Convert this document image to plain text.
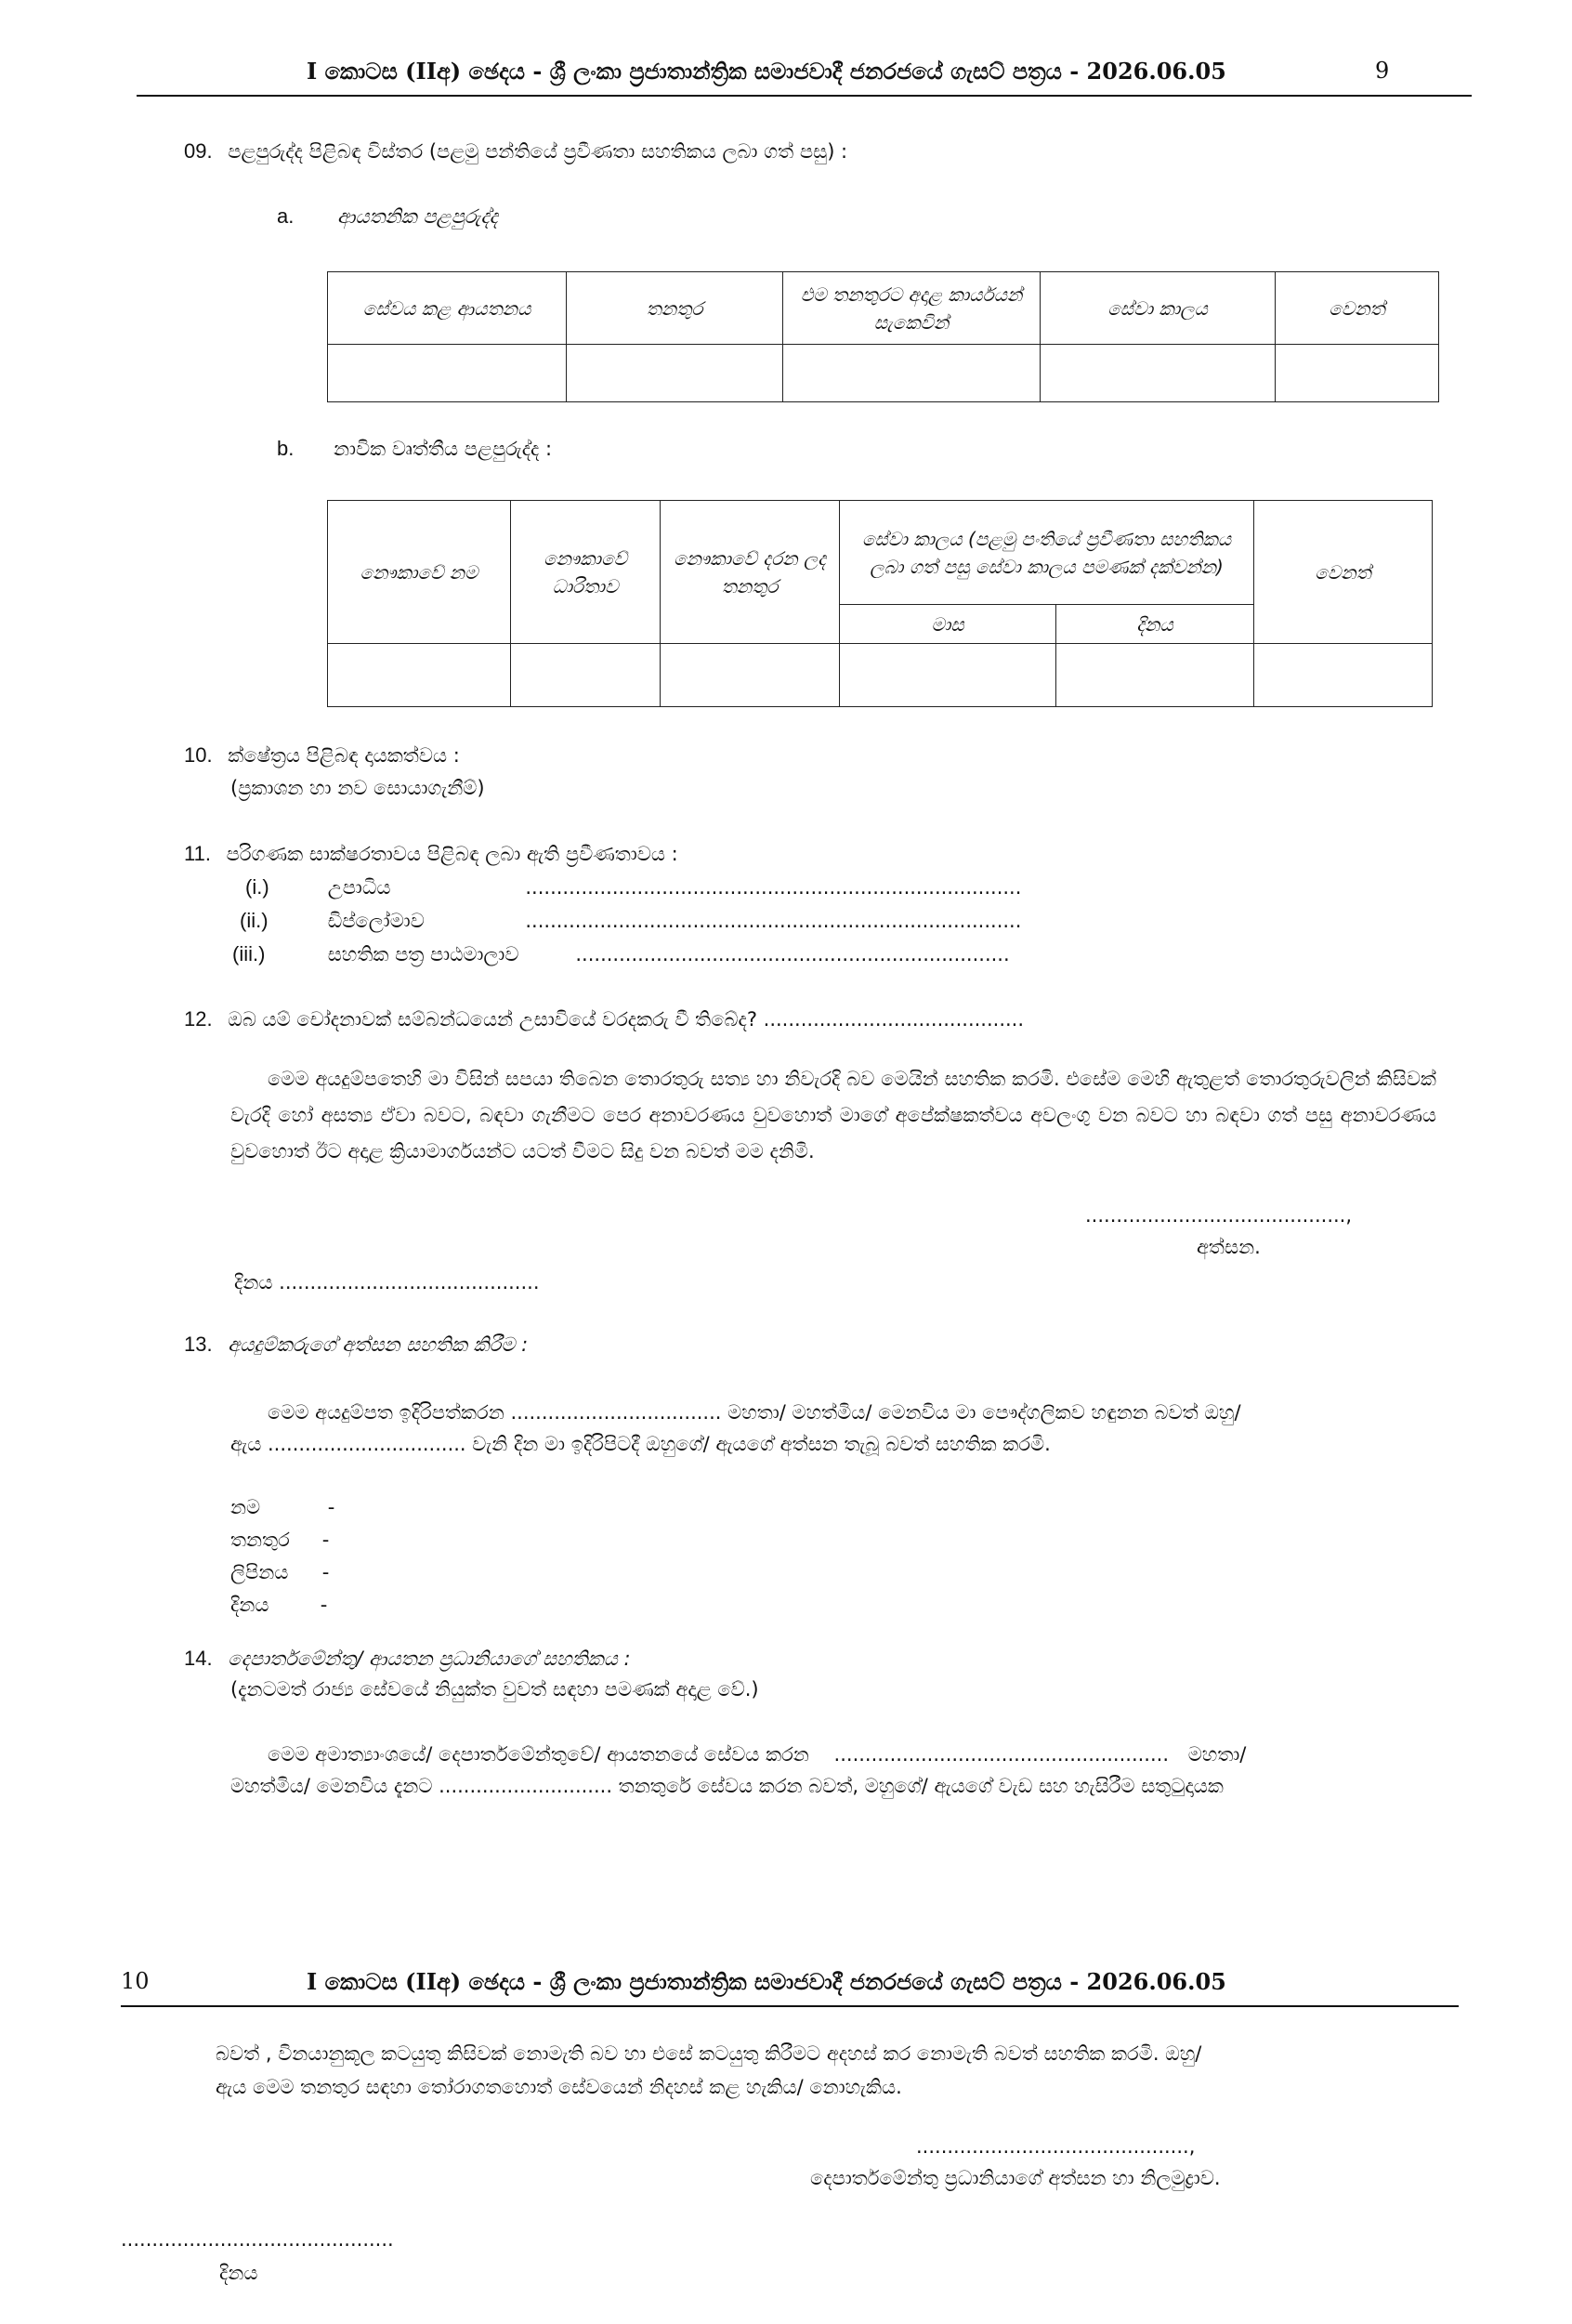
I කොටස (IIඅ) ඡෙදය - ශ්‍රී ලංකා ප්‍රජාතාන්ත්‍රික සමාජවාදී ජනරජයේ ගැසට් පත්‍රය - 2026.06.05	9
09. පළපුරුද්ද පිළිබඳ විස්තර (පළමු පන්තියේ ප්‍රවීණතා සහතිකය ලබා ගත් පසු) :
a. ආයතනික පළපුරුද්ද
සේවය කළ ආයතනය	තනතුර	එම තනතුරට අදාළ කාර්යයන් සැකෙවින්	සේවා කාලය	වෙනත්

b. නාවික වෘත්තීය පළපුරුද්ද :
නෞකාවේ නම	නෞකාවේ ධාරිතාව	නෞකාවේ දරන ලද තනතුර	සේවා කාලය (පළමු පංතියේ ප්‍රවීණතා සහතිකය ලබා ගත් පසු සේවා කාලය පමණක් දක්වන්න)		වෙනත්
			මාස	දිනය	

10. ක්ෂේත්‍රය පිළිබඳ දායකත්වය :
(ප්‍රකාශන හා නව සොයාගැනීම්)
11. පරිගණක සාක්ෂරතාවය පිළිබඳ ලබා ඇති ප්‍රවීණතාවය :
(i.)	උපාධිය	................................................................................
(ii.)	ඩිප්ලෝමාව	................................................................................
(iii.)	සහතික පත්‍ර පාඨමාලාව	......................................................................
12. ඔබ යම් චෝදනාවක් සම්බන්ධයෙන් උසාවියේ වරදකරු වී තිබේද? ..........................................
මෙම අයදුම්පතෙහි මා විසින් සපයා තිබෙන තොරතුරු සත්‍ය හා නිවැරදි බව මෙයින් සහතික කරමි. එසේම මෙහි ඇතුළත් තොරතුරුවලින් කිසිවක් වැරදි හෝ අසත්‍ය ඒවා බවට, බඳවා ගැනීමට පෙර අනාවරණය වුවහොත් මාගේ අපේක්ෂකත්වය අවලංගු වන බවට හා බඳවා ගත් පසු අනාවරණය වුවහොත් ඊට අදාළ ක්‍රියාමාර්ගයන්ට යටත් වීමට සිදු වන බවත් මම දනිමි.
..........................................,
අත්සන.
දිනය ..........................................
13. අයදුම්කරුගේ අත්සන සහතික කිරීම :
මෙම අයදුම්පත ඉදිරිපත්කරන .................................. මහතා/ මහත්මිය/ මෙනවිය මා පෞද්ගලිකව හඳුනන බවත් ඔහු/
ඇය ................................ වැනි දින මා ඉදිරිපිටදී ඔහුගේ/ ඇයගේ අත්සන තැබූ බවත් සහතික කරමි.
නම	-
තනතුර -
ලිපිනය -
දිනය	-
14. දෙපාර්තමේන්තු/ ආයතන ප්‍රධානියාගේ සහතිකය :
(දැනටමත් රාජ්‍ය සේවයේ නියුක්ත වුවත් සඳහා පමණක් අදාළ වේ.)
මෙම අමාත්‍යාංශයේ/ දෙපාර්තමේන්තුවේ/ ආයතනයේ සේවය කරන ...................................................... මහතා/
මහත්මිය/ මෙනවිය දැනට ............................ තනතුරේ සේවය කරන බවත්, මහුගේ/ ඇයගේ වැඩ සහ හැසිරීම සතුටුදායක
10	I කොටස (IIඅ) ඡෙදය - ශ්‍රී ලංකා ප්‍රජාතාන්ත්‍රික සමාජවාදී ජනරජයේ ගැසට් පත්‍රය - 2026.06.05
බවත් , විනයානුකූල කටයුතු කිසිවක් නොමැති බව හා එසේ කටයුතු කිරීමට අදහස් කර නොමැති බවත් සහතික කරමි. ඔහු/
ඇය මෙම තනතුර සඳහා තෝරාගතහොත් සේවයෙන් නිදහස් කළ හැකිය/ නොහැකිය.
............................................,
දෙපාර්තමේන්තු ප්‍රධානියාගේ අත්සන හා නිලමුද්‍රාව.
............................................
දිනය
